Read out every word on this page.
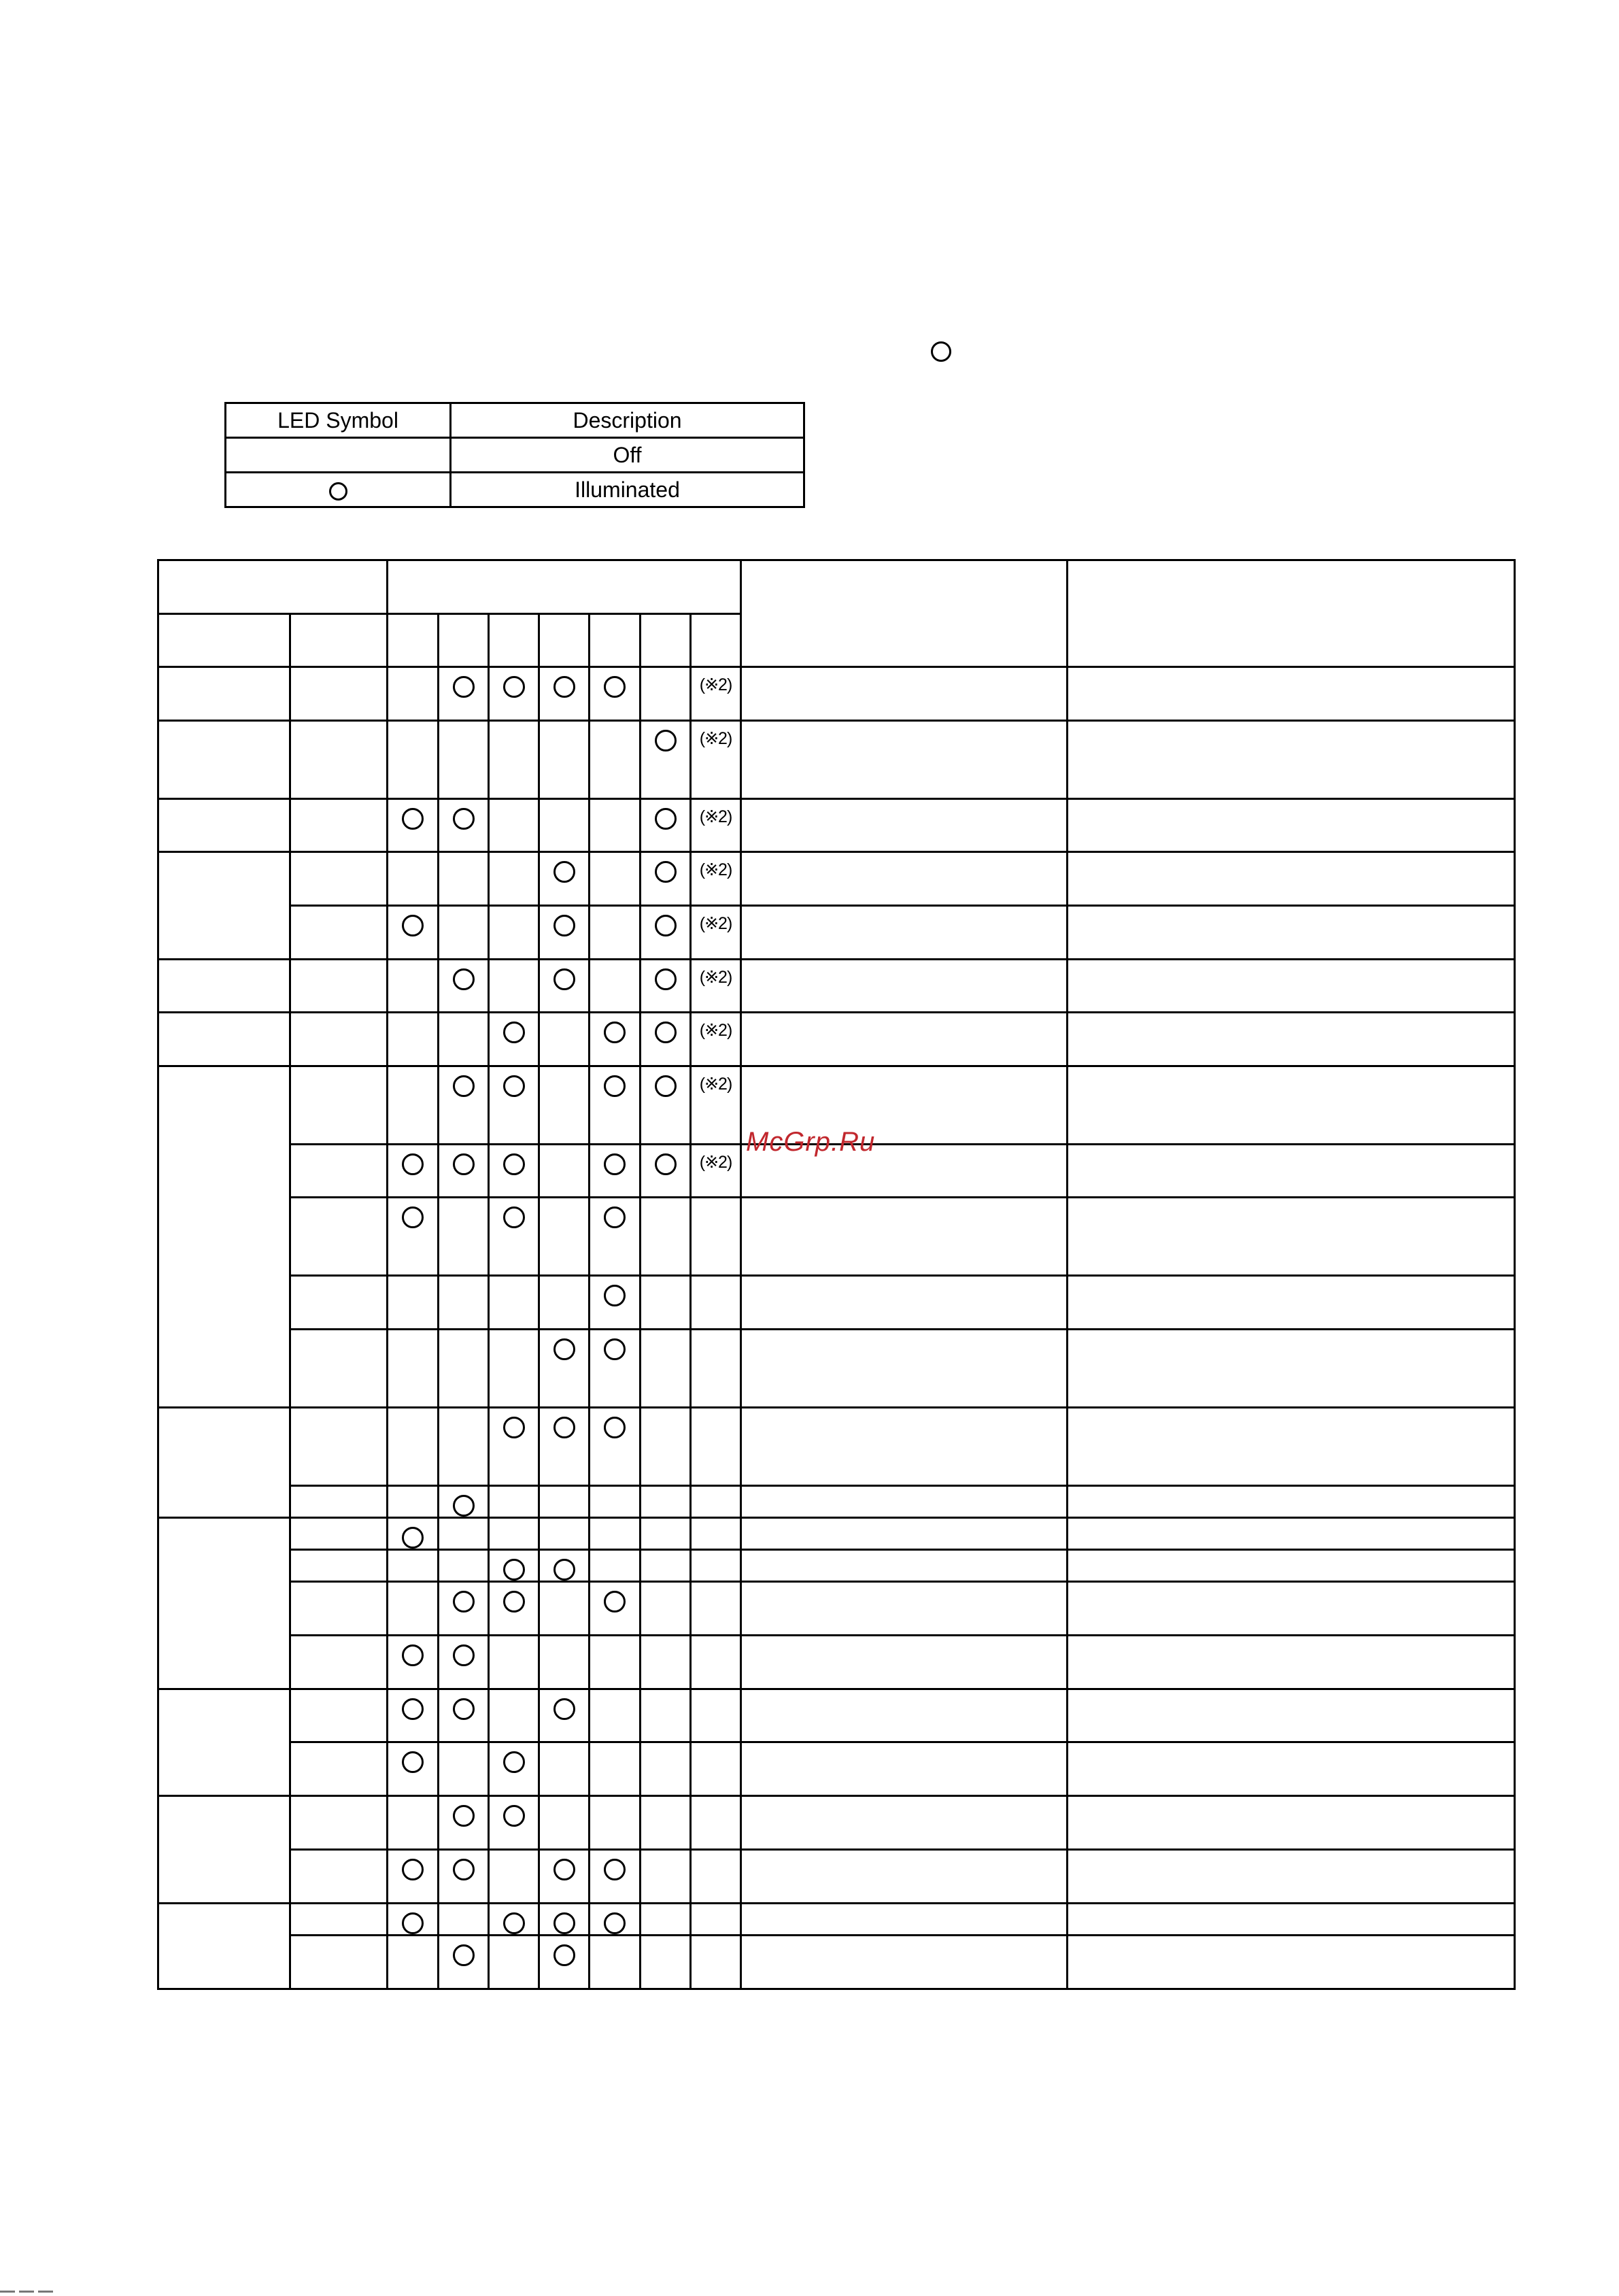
LED Symbol	Description
	Off
	Illuminated

								(※2)		

								(※2)		

								(※2)		

								(※2)		

								(※2)		

								(※2)		

								(※2)		

								(※2)		

								(※2)		

McGrp.Ru
